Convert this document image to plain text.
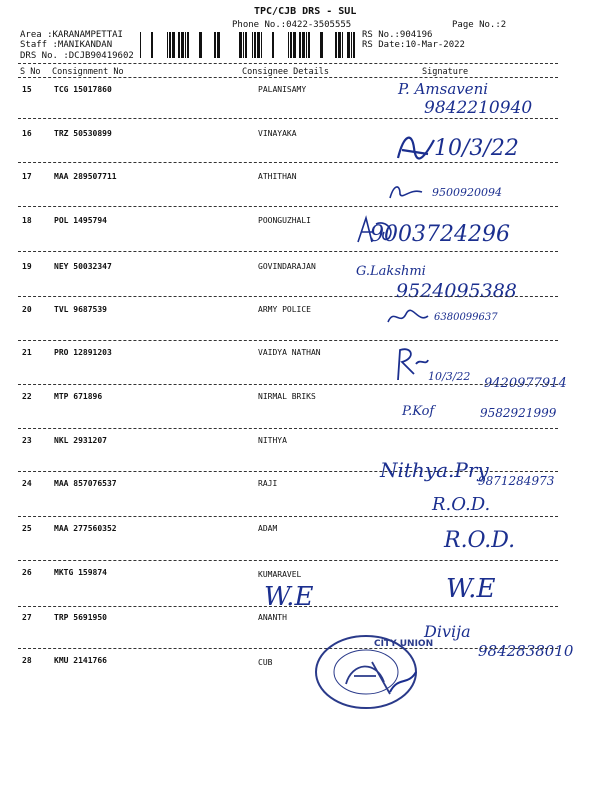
TPC/CJB DRS - SUL
Phone No.:0422-3505555	Page No.:2
Area :KARANAMPETTAI
Staff :MANIKANDAN
DRS No. :DCJB90419602
RS No.:904196
RS Date:10-Mar-2022
S No Consignment No	Consignee Details	Signature
15	TCG 15017860	PALANISAMY	P. Amsaveni
9842210940
16	TRZ 50530899	VINAYAKA
10/3/22
17	MAA 289507711	ATHITHAN
9500920094
18	POL 1495794	POONGUZHALI
9003724296
19	NEY 50032347	GOVINDARAJAN	G.Lakshmi
9524095388
20	TVL 9687539	ARMY POLICE
6380099637
21	PRO 12891203	VAIDYA NATHAN
10/3/22 9420977914
22	MTP 671896	NIRMAL BRIKS
P.Kof	9582921999
23	NKL 2931207	NITHYA
24	MAA 857076537	RAJI
Nithya.Pry
9871284973
R.O.D.
25	MAA 277560352	ADAM	R.O.D.
26	MKTG 159874	KUMARAVEL
W.E	W.E
27	TRP 5691950	ANANTH
Divija
9842838010
28	KMU 2141766	CUB
CITY UNION
